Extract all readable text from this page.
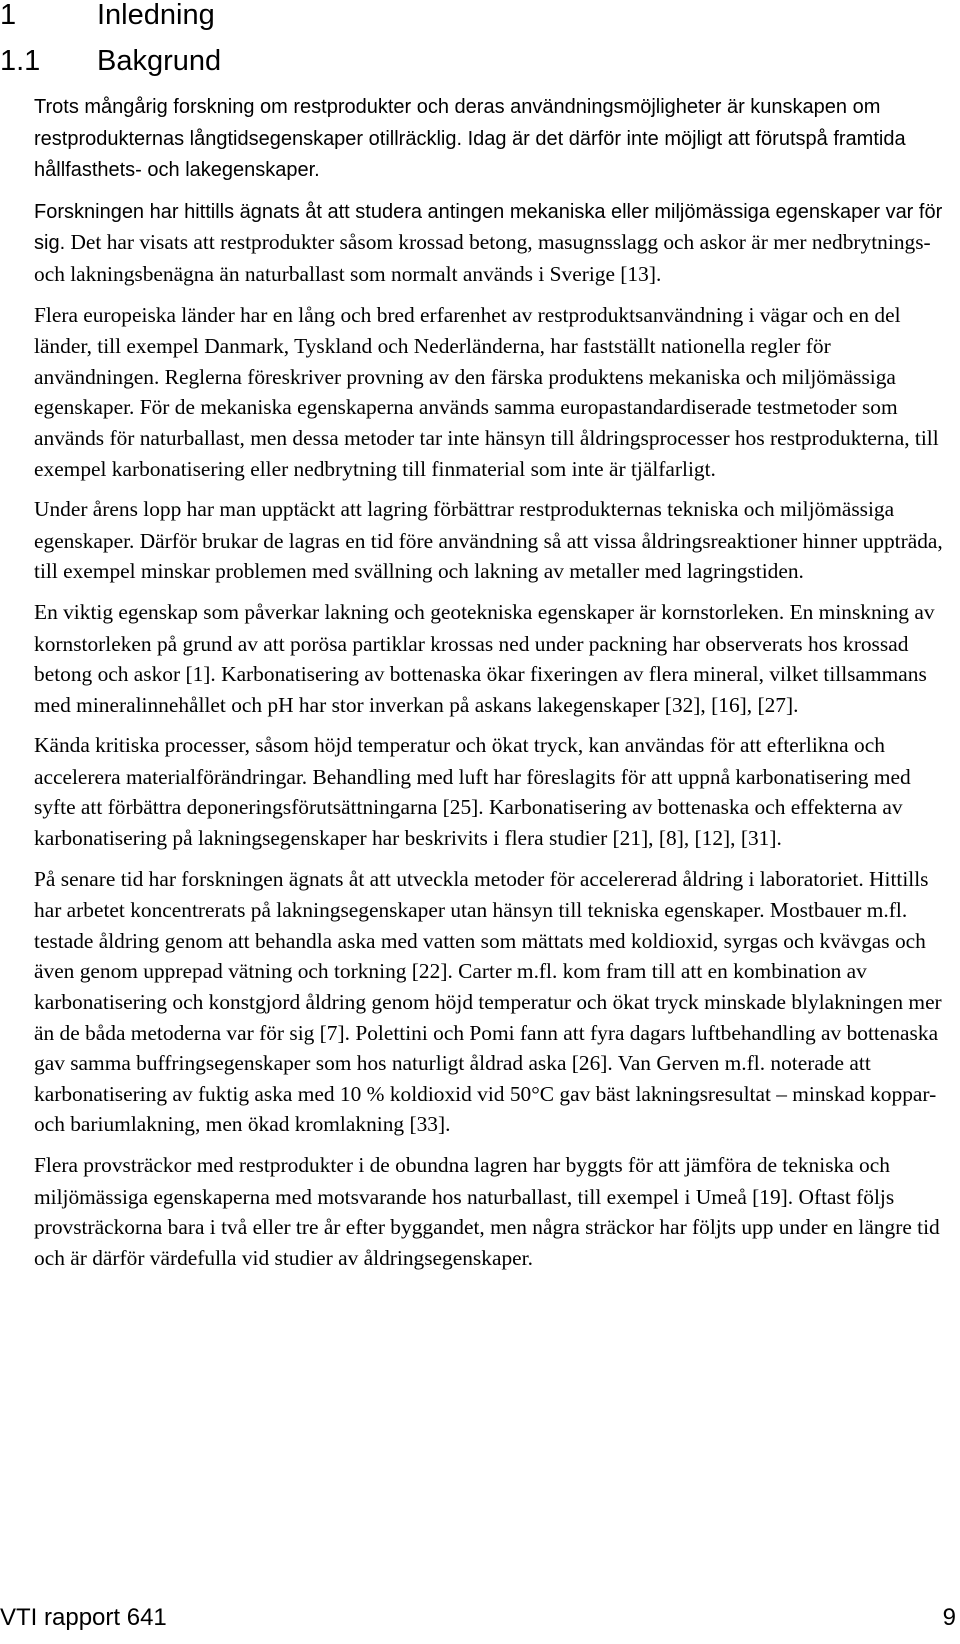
1	Inledning
1.1 Bakgrund

Trots mångårig forskning om restprodukter och deras användningsmöjligheter är kunskapen om restprodukternas långtidsegenskaper otillräcklig. Idag är det därför inte möjligt att förutspå framtida hållfasthets- och lakegenskaper.

Forskningen har hittills ägnats åt att studera antingen mekaniska eller miljömässiga egenskaper var för sig. Det har visats att restprodukter såsom krossad betong, masugnsslagg och askor är mer nedbrytnings- och lakningsbenägna än naturballast som normalt används i Sverige [13].

Flera europeiska länder har en lång och bred erfarenhet av restproduktsanvändning i vägar och en del länder, till exempel Danmark, Tyskland och Nederländerna, har fastställt nationella regler för användningen. Reglerna föreskriver provning av den färska produktens mekaniska och miljömässiga egenskaper. För de mekaniska egenskaperna används samma europastandardiserade testmetoder som används för naturballast, men dessa metoder tar inte hänsyn till åldringsprocesser hos restprodukterna, till exempel karbonatisering eller nedbrytning till finmaterial som inte är tjälfarligt.

Under årens lopp har man upptäckt att lagring förbättrar restprodukternas tekniska och miljömässiga egenskaper. Därför brukar de lagras en tid före användning så att vissa åldringsreaktioner hinner uppträda, till exempel minskar problemen med svällning och lakning av metaller med lagringstiden.

En viktig egenskap som påverkar lakning och geotekniska egenskaper är kornstorleken. En minskning av kornstorleken på grund av att porösa partiklar krossas ned under packning har observerats hos krossad betong och askor [1]. Karbonatisering av bottenaska ökar fixeringen av flera mineral, vilket tillsammans med mineralinnehållet och pH har stor inverkan på askans lakegenskaper [32], [16], [27].

Kända kritiska processer, såsom höjd temperatur och ökat tryck, kan användas för att efterlikna och accelerera materialförändringar. Behandling med luft har föreslagits för att uppnå karbonatisering med syfte att förbättra deponeringsförutsättningarna [25]. Karbonatisering av bottenaska och effekterna av karbonatisering på lakningsegenskaper har beskrivits i flera studier [21], [8], [12], [31].

På senare tid har forskningen ägnats åt att utveckla metoder för accelererad åldring i laboratoriet. Hittills har arbetet koncentrerats på lakningsegenskaper utan hänsyn till tekniska egenskaper. Mostbauer m.fl. testade åldring genom att behandla aska med vatten som mättats med koldioxid, syrgas och kvävgas och även genom upprepad vätning och torkning [22]. Carter m.fl. kom fram till att en kombination av karbonatisering och konstgjord åldring genom höjd temperatur och ökat tryck minskade blylakningen mer än de båda metoderna var för sig [7]. Polettini och Pomi fann att fyra dagars luftbehandling av bottenaska gav samma buffringsegenskaper som hos naturligt åldrad aska [26]. Van Gerven m.fl. noterade att karbonatisering av fuktig aska med 10 % koldioxid vid 50°C gav bäst lakningsresultat – minskad koppar- och bariumlakning, men ökad kromlakning [33].

Flera provsträckor med restprodukter i de obundna lagren har byggts för att jämföra de tekniska och miljömässiga egenskaperna med motsvarande hos naturballast, till exempel i Umeå [19]. Oftast följs provsträckorna bara i två eller tre år efter byggandet, men några sträckor har följts upp under en längre tid och är därför värdefulla vid studier av åldringsegenskaper.

VTI rapport 641	9
